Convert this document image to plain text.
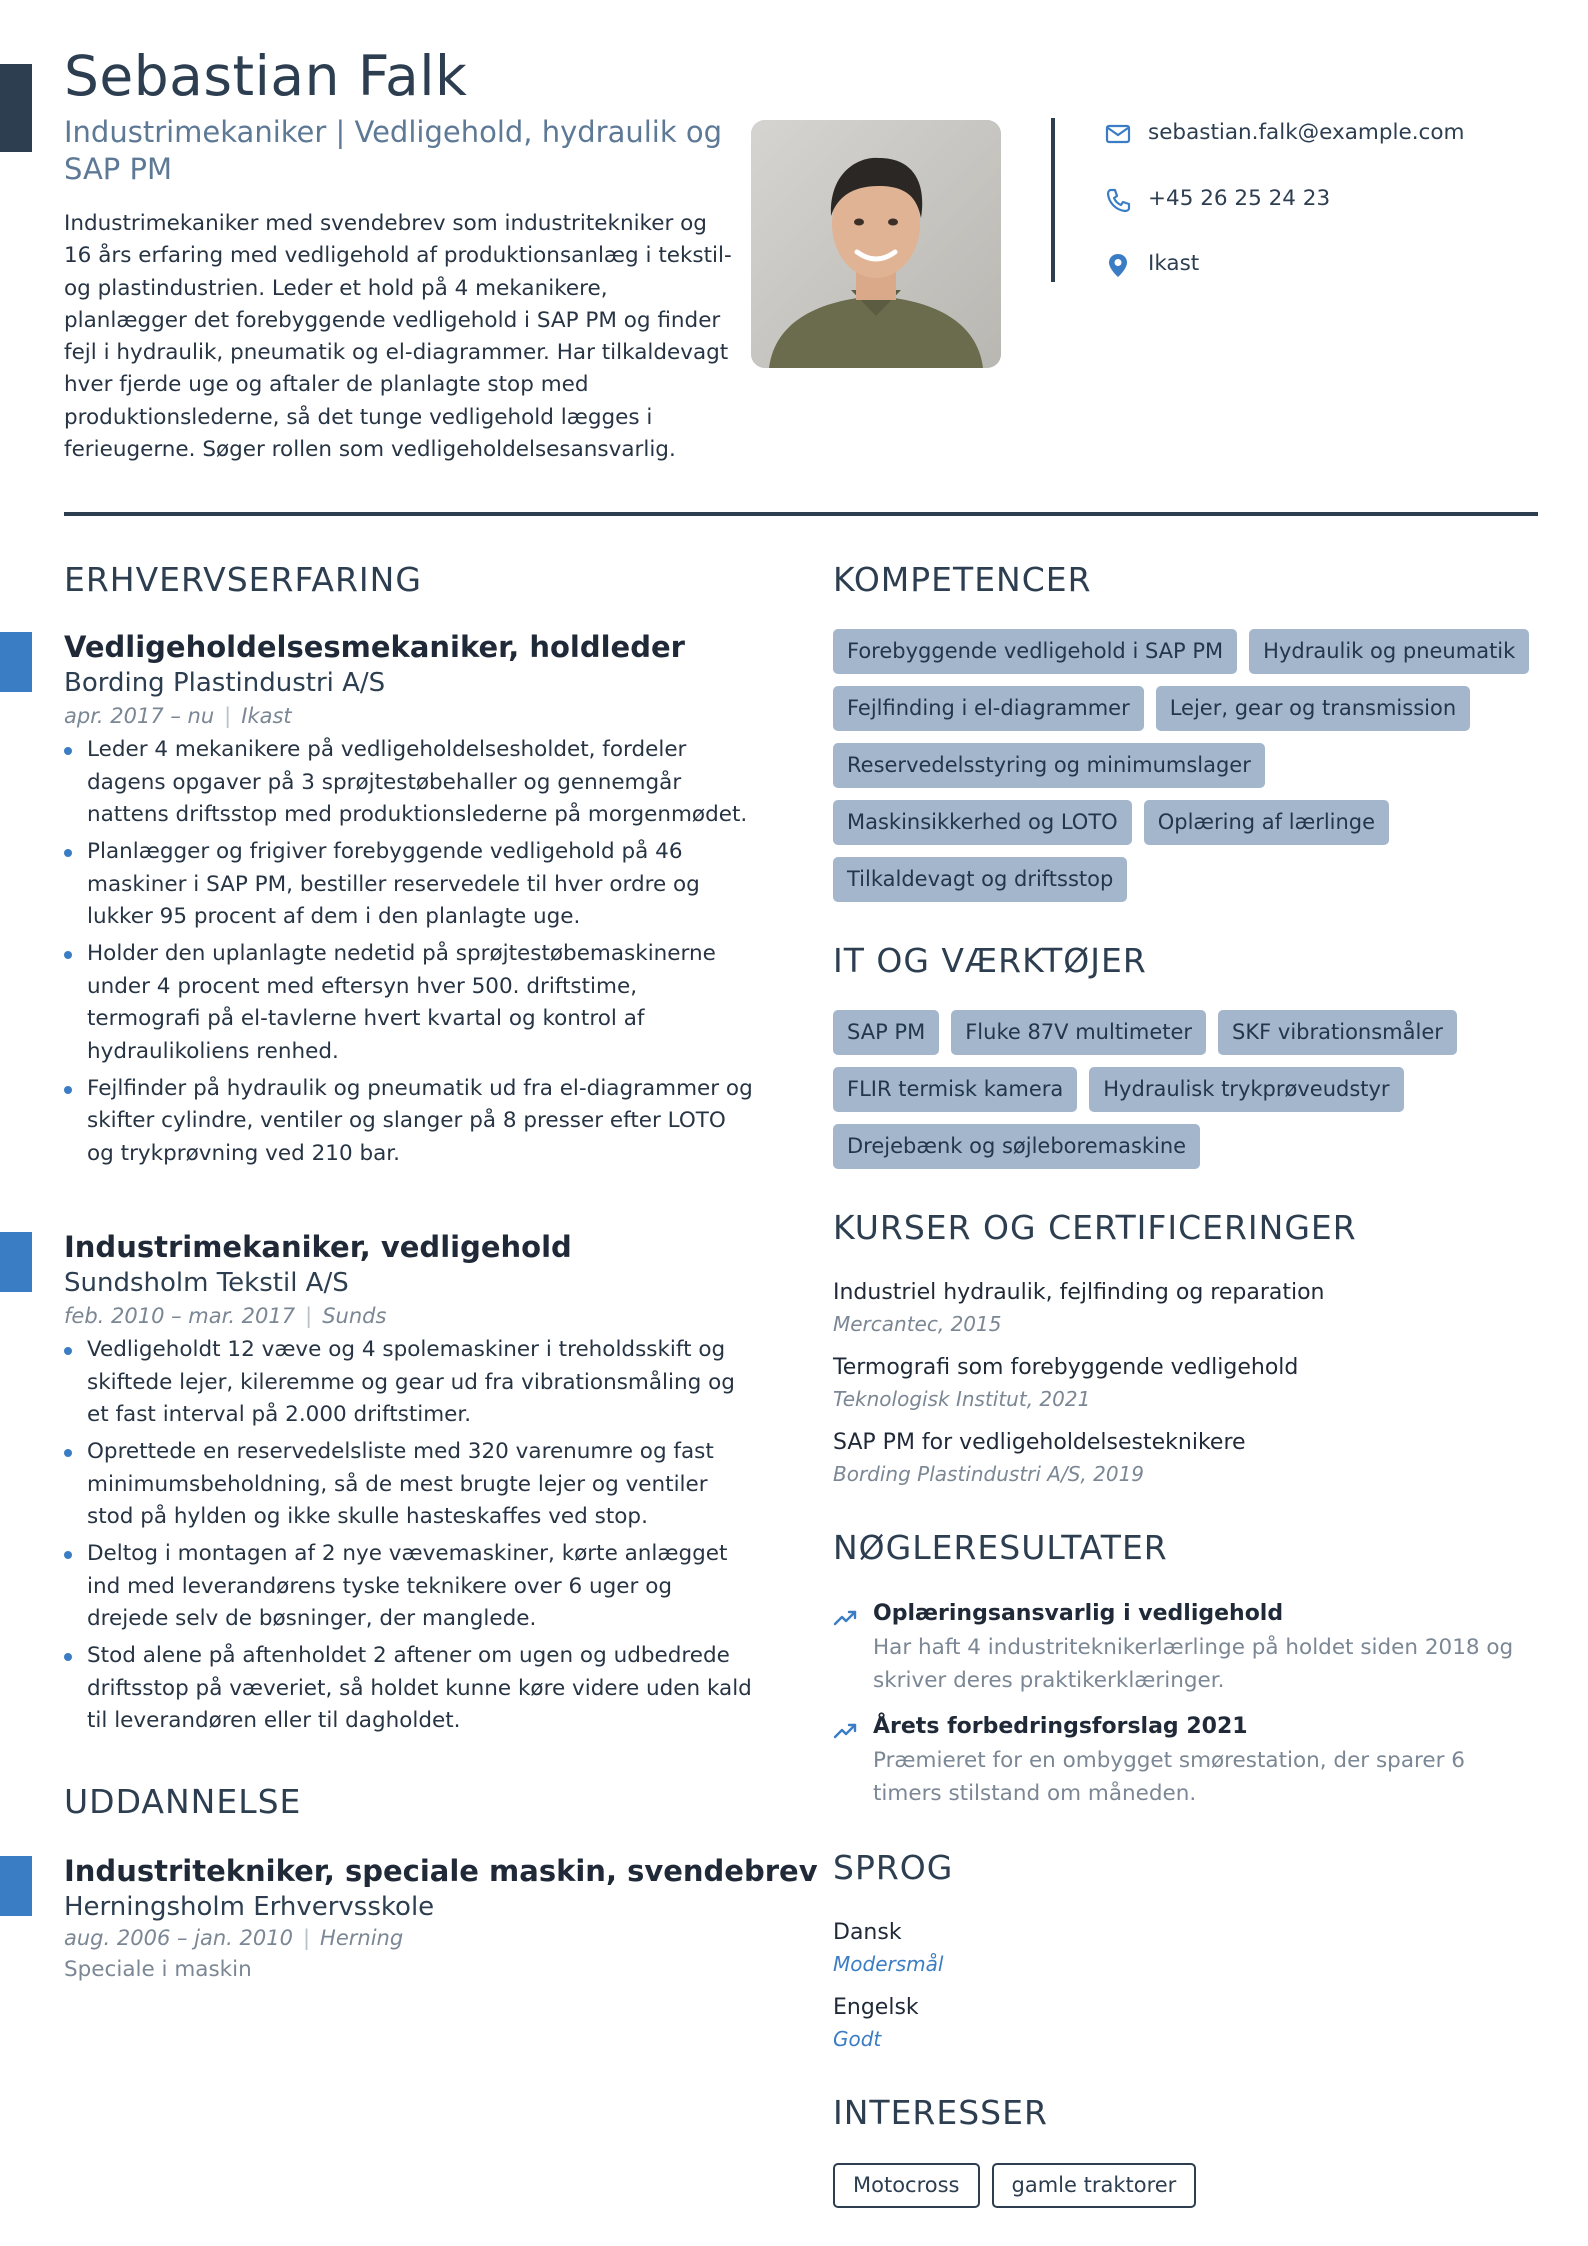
Sebastian Falk
Industrimekaniker | Vedligehold, hydraulik og SAP PM

Industrimekaniker med svendebrev som industritekniker og 16 års erfaring med vedligehold af produktionsanlæg i tekstil- og plastindustrien. Leder et hold på 4 mekanikere, planlægger det forebyggende vedligehold i SAP PM og finder fejl i hydraulik, pneumatik og el-diagrammer. Har tilkaldevagt hver fjerde uge og aftaler de planlagte stop med produktionslederne, så det tunge vedligehold lægges i ferieugerne. Søger rollen som vedligeholdelsesansvarlig.

sebastian.falk@example.com
+45 26 25 24 23
Ikast
ERHVERVSERFARING
Vedligeholdelsesmekaniker, holdleder
Bording Plastindustri A/S
apr. 2017 – nu | Ikast
Leder 4 mekanikere på vedligeholdelsesholdet, fordeler dagens opgaver på 3 sprøjtestøbehaller og gennemgår nattens driftsstop med produktionslederne på morgenmødet.
Planlægger og frigiver forebyggende vedligehold på 46 maskiner i SAP PM, bestiller reservedele til hver ordre og lukker 95 procent af dem i den planlagte uge.
Holder den uplanlagte nedetid på sprøjtestøbemaskinerne under 4 procent med eftersyn hver 500. driftstime, termografi på el-tavlerne hvert kvartal og kontrol af hydraulikoliens renhed.
Fejlfinder på hydraulik og pneumatik ud fra el-diagrammer og skifter cylindre, ventiler og slanger på 8 presser efter LOTO og trykprøvning ved 210 bar.
Industrimekaniker, vedligehold
Sundsholm Tekstil A/S
feb. 2010 – mar. 2017 | Sunds
Vedligeholdt 12 væve og 4 spolemaskiner i treholdsskift og skiftede lejer, kileremme og gear ud fra vibrationsmåling og et fast interval på 2.000 driftstimer.
Oprettede en reservedelsliste med 320 varenumre og fast minimumsbeholdning, så de mest brugte lejer og ventiler stod på hylden og ikke skulle hasteskaffes ved stop.
Deltog i montagen af 2 nye vævemaskiner, kørte anlægget ind med leverandørens tyske teknikere over 6 uger og drejede selv de bøsninger, der manglede.
Stod alene på aftenholdet 2 aftener om ugen og udbedrede driftsstop på væveriet, så holdet kunne køre videre uden kald til leverandøren eller til dagholdet.
UDDANNELSE
Industritekniker, speciale maskin, svendebrev
Herningsholm Erhvervsskole
aug. 2006 – jan. 2010 | Herning
Speciale i maskin
KOMPETENCER
Forebyggende vedligehold i SAP PM	Hydraulik og pneumatik
Fejlfinding i el-diagrammer	Lejer, gear og transmission
Reservedelsstyring og minimumslager
Maskinsikkerhed og LOTO	Oplæring af lærlinge
Tilkaldevagt og driftsstop
IT OG VÆRKTØJER
SAP PM	Fluke 87V multimeter	SKF vibrationsmåler
FLIR termisk kamera	Hydraulisk trykprøveudstyr
Drejebænk og søjleboremaskine
KURSER OG CERTIFICERINGER
Industriel hydraulik, fejlfinding og reparation
Mercantec, 2015
Termografi som forebyggende vedligehold
Teknologisk Institut, 2021
SAP PM for vedligeholdelsesteknikere
Bording Plastindustri A/S, 2019
NØGLERESULTATER
Oplæringsansvarlig i vedligehold
Har haft 4 industriteknikerlærlinge på holdet siden 2018 og skriver deres praktikerklæringer.
Årets forbedringsforslag 2021
Præmieret for en ombygget smørestation, der sparer 6 timers stilstand om måneden.
SPROG
Dansk
Modersmål
Engelsk
Godt
INTERESSER
Motocross	gamle traktorer
